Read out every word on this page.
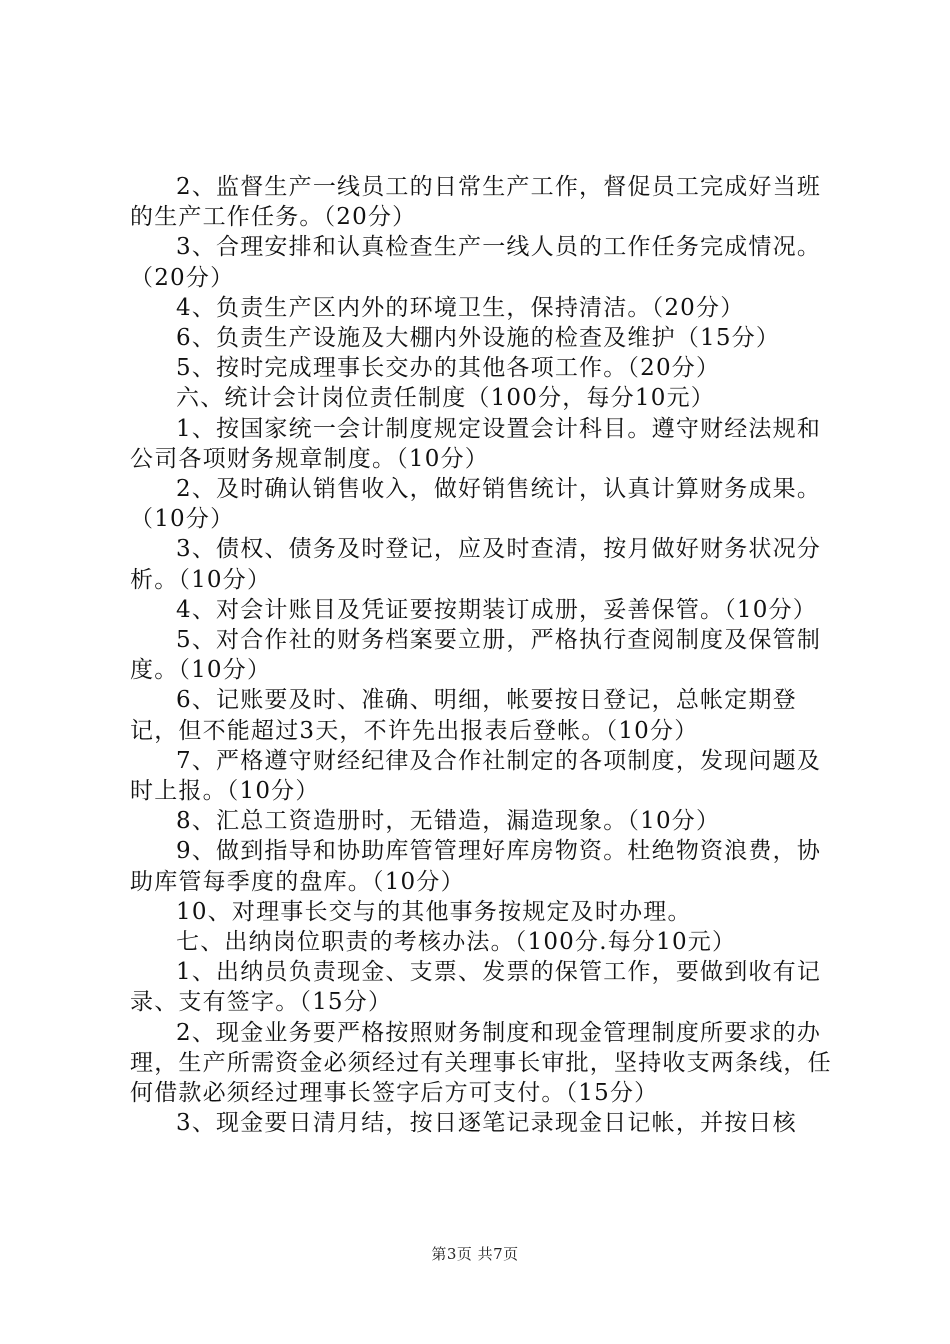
2、监督生产一线员工的日常生产工作，督促员工完成好当班的生产工作任务。（20分）

3、合理安排和认真检查生产一线人员的工作任务完成情况。（20分）

4、负责生产区内外的环境卫生，保持清洁。（20分）

6、负责生产设施及大棚内外设施的检查及维护（15分）

5、按时完成理事长交办的其他各项工作。（20分）

六、统计会计岗位责任制度（100分，每分10元）

1、按国家统一会计制度规定设置会计科目。遵守财经法规和公司各项财务规章制度。（10分）

2、及时确认销售收入，做好销售统计，认真计算财务成果。（10分）

3、债权、债务及时登记，应及时查清，按月做好财务状况分析。（10分）

4、对会计账目及凭证要按期装订成册，妥善保管。（10分）

5、对合作社的财务档案要立册，严格执行查阅制度及保管制度。（10分）

6、记账要及时、准确、明细，帐要按日登记，总帐定期登记，但不能超过3天，不许先出报表后登帐。（10分）

7、严格遵守财经纪律及合作社制定的各项制度，发现问题及时上报。（10分）

8、汇总工资造册时，无错造，漏造现象。（10分）

9、做到指导和协助库管管理好库房物资。杜绝物资浪费，协助库管每季度的盘库。（10分）

10、对理事长交与的其他事务按规定及时办理。

七、出纳岗位职责的考核办法。（100分.每分10元）

1、出纳员负责现金、支票、发票的保管工作，要做到收有记录、支有签字。（15分）

2、现金业务要严格按照财务制度和现金管理制度所要求的办理，生产所需资金必须经过有关理事长审批，坚持收支两条线，任何借款必须经过理事长签字后方可支付。（15分）

3、现金要日清月结，按日逐笔记录现金日记帐，并按日核

第3页 共7页
